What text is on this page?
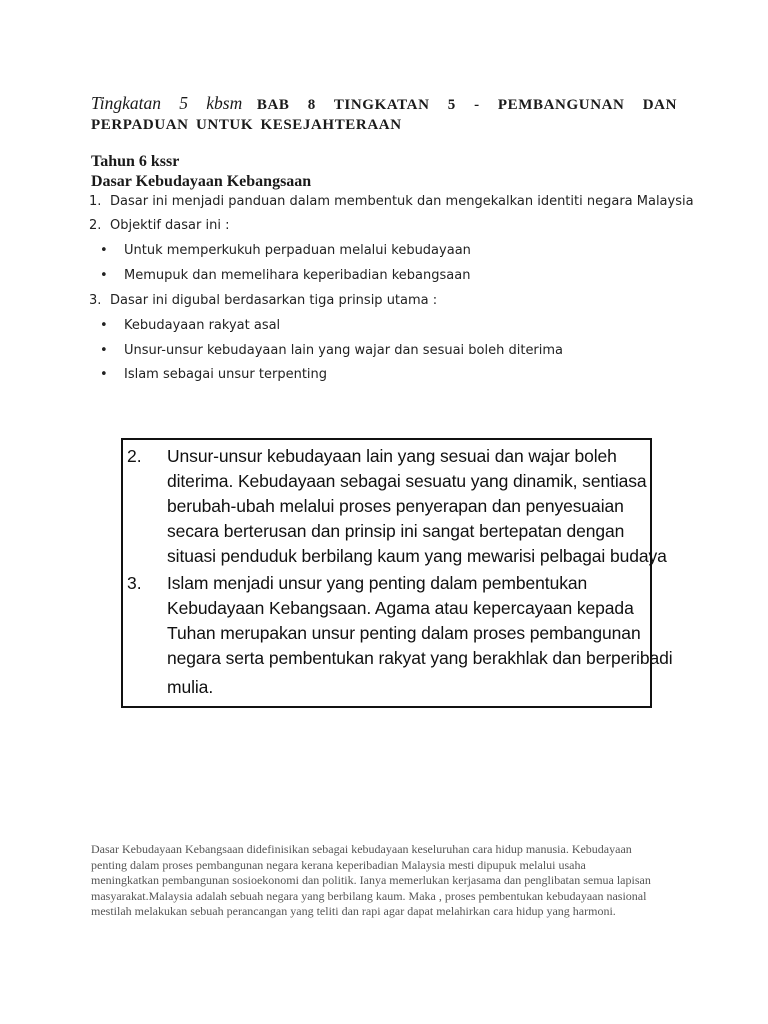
Tingkatan 5 kbsm BAB 8 TINGKATAN 5 - PEMBANGUNAN DAN PERPADUAN UNTUK KESEJAHTERAAN
Tahun 6 kssr
Dasar Kebudayaan Kebangsaan
1. Dasar ini menjadi panduan dalam membentuk dan mengekalkan identiti negara Malaysia
2. Objektif dasar ini :
• Untuk memperkukuh perpaduan melalui kebudayaan
• Memupuk dan memelihara keperibadian kebangsaan
3. Dasar ini digubal berdasarkan tiga prinsip utama :
• Kebudayaan rakyat asal
• Unsur-unsur kebudayaan lain yang wajar dan sesuai boleh diterima
• Islam sebagai unsur terpenting
2. Unsur-unsur kebudayaan lain yang sesuai dan wajar boleh
diterima. Kebudayaan sebagai sesuatu yang dinamik, sentiasa
berubah-ubah melalui proses penyerapan dan penyesuaian
secara berterusan dan prinsip ini sangat bertepatan dengan
situasi penduduk berbilang kaum yang mewarisi pelbagai budaya
3. Islam menjadi unsur yang penting dalam pembentukan
Kebudayaan Kebangsaan. Agama atau kepercayaan kepada
Tuhan merupakan unsur penting dalam proses pembangunan
negara serta pembentukan rakyat yang berakhlak dan berperibadi
mulia.
Dasar Kebudayaan Kebangsaan didefinisikan sebagai kebudayaan keseluruhan cara hidup manusia. Kebudayaan
penting dalam proses pembangunan negara kerana keperibadian Malaysia mesti dipupuk melalui usaha
meningkatkan pembangunan sosioekonomi dan politik. Ianya memerlukan kerjasama dan penglibatan semua lapisan
masyarakat.Malaysia adalah sebuah negara yang berbilang kaum. Maka , proses pembentukan kebudayaan nasional
mestilah melakukan sebuah perancangan yang teliti dan rapi agar dapat melahirkan cara hidup yang harmoni.
